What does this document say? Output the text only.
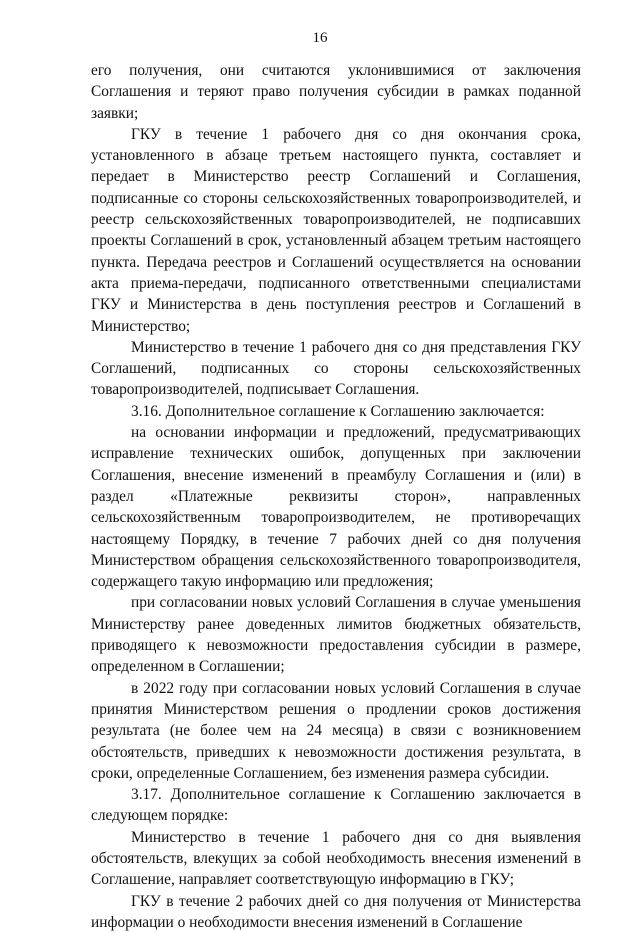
16

его получения, они считаются уклонившимися от заключения Соглашения и теряют право получения субсидии в рамках поданной заявки;

ГКУ в течение 1 рабочего дня со дня окончания срока, установленного в абзаце третьем настоящего пункта, составляет и передает в Министерство реестр Соглашений и Соглашения, подписанные со стороны сельскохозяйственных товаропроизводителей, и реестр сельскохозяйственных товаропроизводителей, не подписавших проекты Соглашений в срок, установленный абзацем третьим настоящего пункта. Передача реестров и Соглашений осуществляется на основании акта приема-передачи, подписанного ответственными специалистами ГКУ и Министерства в день поступления реестров и Соглашений в Министерство;

Министерство в течение 1 рабочего дня со дня представления ГКУ Соглашений, подписанных со стороны сельскохозяйственных товаропроизводителей, подписывает Соглашения.

3.16. Дополнительное соглашение к Соглашению заключается:

на основании информации и предложений, предусматривающих исправление технических ошибок, допущенных при заключении Соглашения, внесение изменений в преамбулу Соглашения и (или) в раздел «Платежные реквизиты сторон», направленных сельскохозяйственным товаропроизводителем, не противоречащих настоящему Порядку, в течение 7 рабочих дней со дня получения Министерством обращения сельскохозяйственного товаропроизводителя, содержащего такую информацию или предложения;

при согласовании новых условий Соглашения в случае уменьшения Министерству ранее доведенных лимитов бюджетных обязательств, приводящего к невозможности предоставления субсидии в размере, определенном в Соглашении;

в 2022 году при согласовании новых условий Соглашения в случае принятия Министерством решения о продлении сроков достижения результата (не более чем на 24 месяца) в связи с возникновением обстоятельств, приведших к невозможности достижения результата, в сроки, определенные Соглашением, без изменения размера субсидии.

3.17. Дополнительное соглашение к Соглашению заключается в следующем порядке:

Министерство в течение 1 рабочего дня со дня выявления обстоятельств, влекущих за собой необходимость внесения изменений в Соглашение, направляет соответствующую информацию в ГКУ;

ГКУ в течение 2 рабочих дней со дня получения от Министерства информации о необходимости внесения изменений в Соглашение
